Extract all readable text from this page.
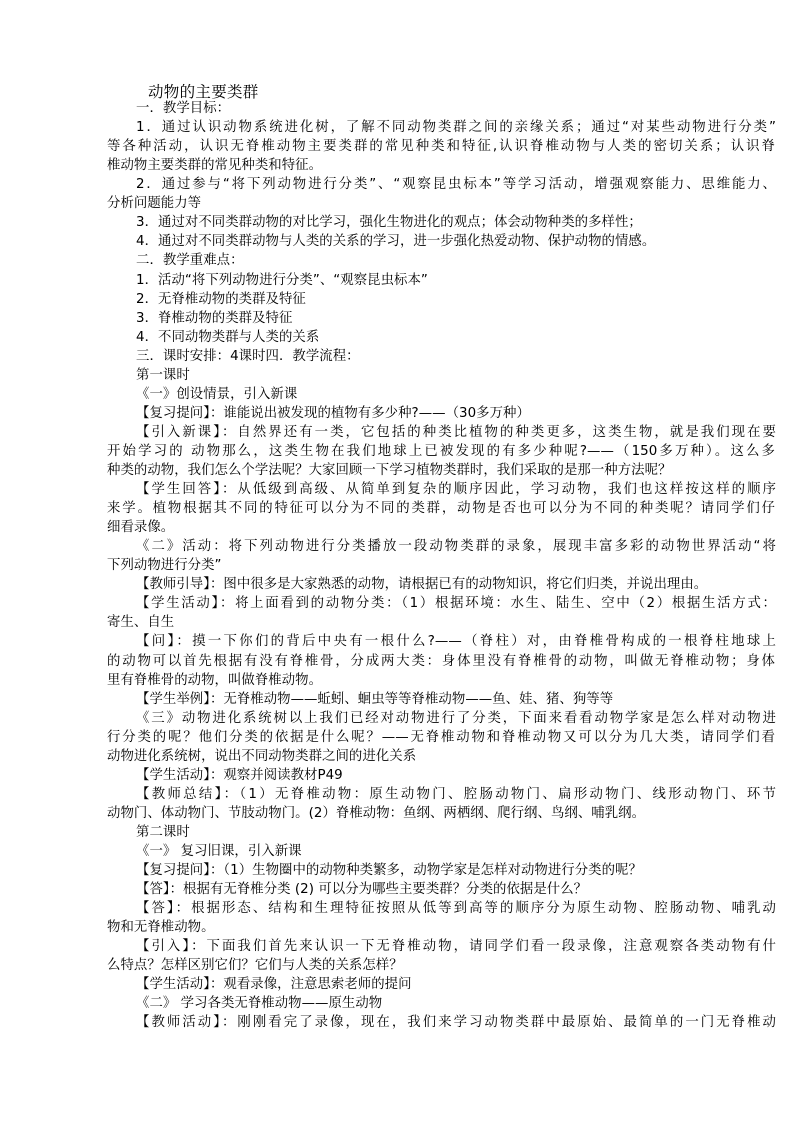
动物的主要类群
一．教学目标：
1．通过认识动物系统进化树，了解不同动物类群之间的亲缘关系；通过“对某些动物进行分类”
等各种活动，认识无脊椎动物主要类群的常见种类和特征,认识脊椎动物与人类的密切关系；认识脊
椎动物主要类群的常见种类和特征。
2．通过参与“将下列动物进行分类”、“观察昆虫标本”等学习活动，增强观察能力、思维能力、
分析问题能力等
3．通过对不同类群动物的对比学习，强化生物进化的观点；体会动物种类的多样性；
4．通过对不同类群动物与人类的关系的学习，进一步强化热爱动物、保护动物的情感。
二．教学重难点：
1．活动“将下列动物进行分类”、“观察昆虫标本”
2．无脊椎动物的类群及特征
3．脊椎动物的类群及特征
4．不同动物类群与人类的关系
三．课时安排：4课时四．教学流程：
第一课时
《一》创设情景，引入新课
【复习提问】：谁能说出被发现的植物有多少种?——（30多万种）
【引入新课】：自然界还有一类，它包括的种类比植物的种类更多，这类生物，就是我们现在要
开始学习的 动物那么，这类生物在我们地球上已被发现的有多少种呢?——（150多万种）。这么多
种类的动物，我们怎么个学法呢？大家回顾一下学习植物类群时，我们采取的是那一种方法呢？
【学生回答】：从低级到高级、从简单到复杂的顺序因此，学习动物，我们也这样按这样的顺序
来学。植物根据其不同的特征可以分为不同的类群，动物是否也可以分为不同的种类呢？请同学们仔
细看录像。
《二》活动：将下列动物进行分类播放一段动物类群的录象，展现丰富多彩的动物世界活动“将
下列动物进行分类”
【教师引导】：图中很多是大家熟悉的动物，请根据已有的动物知识，将它们归类，并说出理由。
【学生活动】：将上面看到的动物分类：（1）根据环境：水生、陆生、空中（2）根据生活方式：
寄生、自生
【问】：摸一下你们的背后中央有一根什么?——（脊柱）对，由脊椎骨构成的一根脊柱地球上
的动物可以首先根据有没有脊椎骨，分成两大类：身体里没有脊椎骨的动物，叫做无脊椎动物；身体
里有脊椎骨的动物，叫做脊椎动物。
【学生举例】：无脊椎动物——蚯蚓、蛔虫等等脊椎动物——鱼、娃、猪、狗等等
《三》动物进化系统树以上我们已经对动物进行了分类，下面来看看动物学家是怎么样对动物进
行分类的呢？他们分类的依据是什么呢？——无脊椎动物和脊椎动物又可以分为几大类，请同学们看
动物进化系统树，说出不同动物类群之间的进化关系
【学生活动】：观察并阅读教材P49
【教师总结】：（1）无脊椎动物：原生动物门、腔肠动物门、扁形动物门、线形动物门、环节
动物门、体动物门、节肢动物门。(2）脊椎动物：鱼纲、两栖纲、爬行纲、鸟纲、哺乳纲。
第二课时
《一》 复习旧课，引入新课
【复习提问】：（1）生物圈中的动物种类繁多，动物学家是怎样对动物进行分类的呢？
【答】：根据有无脊椎分类 (2) 可以分为哪些主要类群？分类的依据是什么？
【答】：根据形态、结构和生理特征按照从低等到高等的顺序分为原生动物、腔肠动物、哺乳动
物和无脊椎动物。
【引入】：下面我们首先来认识一下无脊椎动物，请同学们看一段录像，注意观察各类动物有什
么特点？怎样区别它们？它们与人类的关系怎样？
【学生活动】：观看录像，注意思索老师的提问
《二》 学习各类无脊椎动物——原生动物
【教师活动】：刚刚看完了录像，现在，我们来学习动物类群中最原始、最简单的一门无脊椎动
